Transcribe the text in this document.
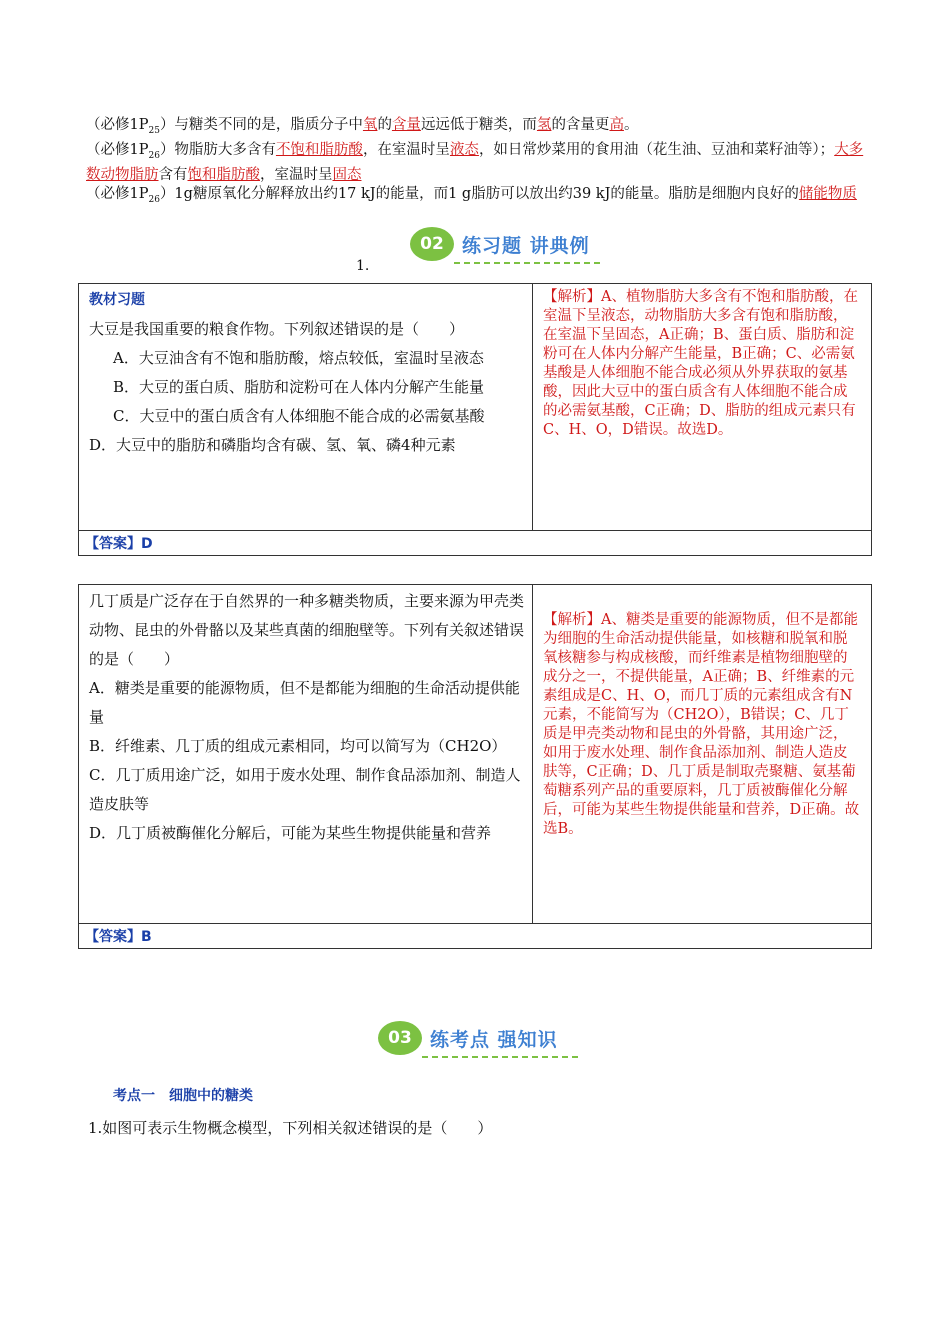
（必修$1P_{25}$）与糖类不同的是，脂质分子中氧的含量远远低于糖类，而氢的含量更高。

（必修$1P_{26}$）物脂肪大多含有不饱和脂肪酸，在室温时呈液态，如日常炒菜用的食用油（花生油、豆油和菜籽油等）；大多数动物脂肪含有饱和脂肪酸，室温时呈固态

（必修$1P_{26})1g$糖原氧化分解释放出约17 kJ的能量，而1 g脂肪可以放出约39 kJ的能量。脂肪是细胞内良好的储能物质

02 练习题 讲典例
1.
教材习题
大豆是我国重要的粮食作物。下列叙述错误的是（　　）
A．大豆油含有不饱和脂肪酸，熔点较低，室温时呈液态
B．大豆的蛋白质、脂肪和淀粉可在人体内分解产生能量
C．大豆中的蛋白质含有人体细胞不能合成的必需氨基酸
D．大豆中的脂肪和磷脂均含有碳、氢、氧、磷4种元素
	【解析】A、植物脂肪大多含有不饱和脂肪酸，在室温下呈液态，动物脂肪大多含有饱和脂肪酸，在室温下呈固态，A正确；B、蛋白质、脂肪和淀粉可在人体内分解产生能量，B正确；C、必需氨基酸是人体细胞不能合成必须从外界获取的氨基酸，因此大豆中的蛋白质含有人体细胞不能合成的必需氨基酸，C正确；D、脂肪的组成元素只有C、H、O，D错误。故选D。
【答案】D
几丁质是广泛存在于自然界的一种多糖类物质，主要来源为甲壳类动物、昆虫的外骨骼以及某些真菌的细胞壁等。下列有关叙述错误的是（　　）
A．糖类是重要的能源物质，但不是都能为细胞的生命活动提供能量
B．纤维素、几丁质的组成元素相同，均可以简写为（CH2O）
C．几丁质用途广泛，如用于废水处理、制作食品添加剂、制造人造皮肤等
D．几丁质被酶催化分解后，可能为某些生物提供能量和营养
	【解析】A、糖类是重要的能源物质，但不是都能为细胞的生命活动提供能量，如核糖和脱氧和脱氧核糖参与构成核酸，而纤维素是植物细胞壁的成分之一，不提供能量，A正确；B、纤维素的元素组成是C、H、O，而几丁质的元素组成含有N元素，不能简写为（CH2O），B错误；C、几丁质是甲壳类动物和昆虫的外骨骼，其用途广泛，如用于废水处理、制作食品添加剂、制造人造皮肤等，C正确；D、几丁质是制取壳聚糖、氨基葡萄糖系列产品的重要原料，几丁质被酶催化分解后，可能为某些生物提供能量和营养，D正确。故选B。
【答案】B
03 练考点 强知识
考点一　细胞中的糖类
1.如图可表示生物概念模型，下列相关叙述错误的是（　　）
